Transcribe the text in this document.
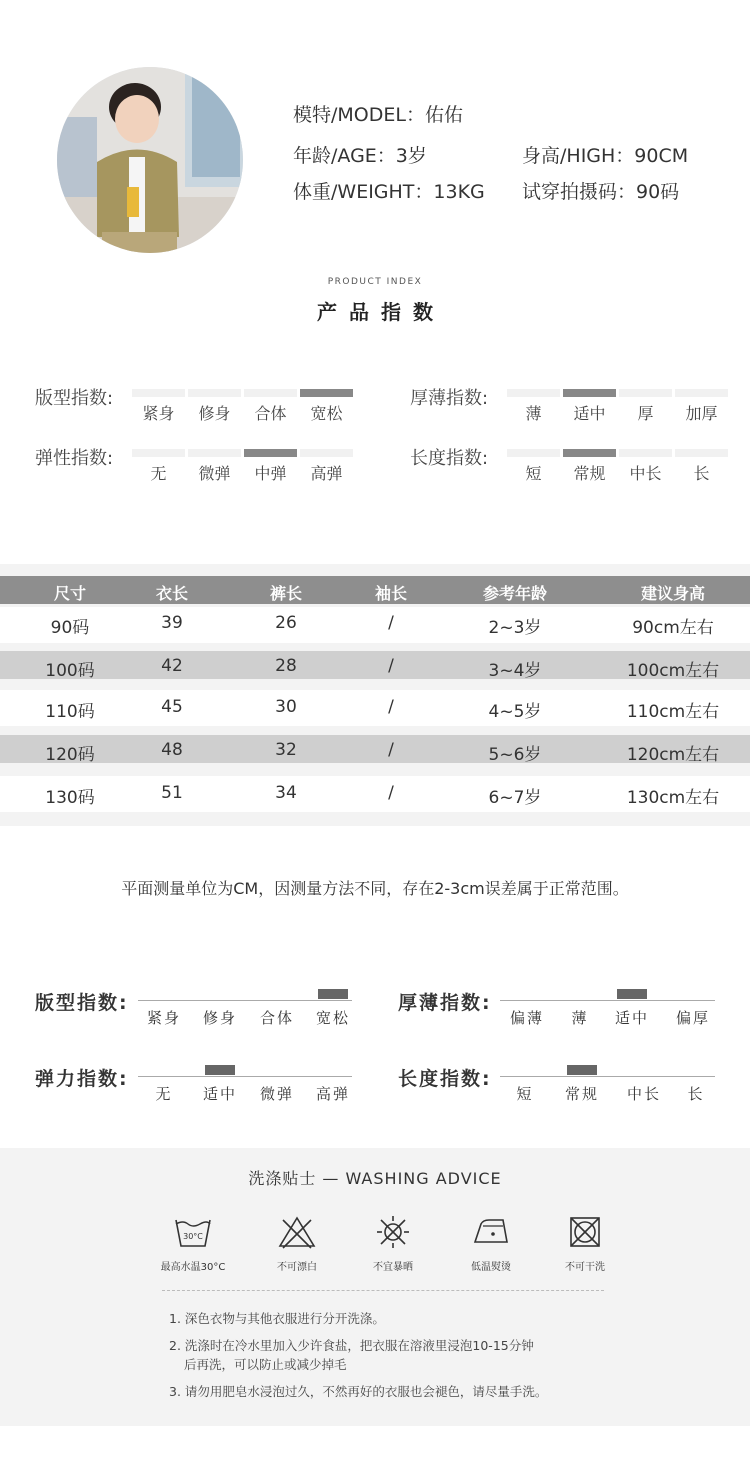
模特/MODEL：佑佑
年龄/AGE：3岁	身高/HIGH：90CM
体重/WEIGHT：13KG 试穿拍摄码：90码
PRODUCT INDEX
产品指数
版型指数:
紧身	修身	合体	宽松
厚薄指数:
薄	适中	厚	加厚
弹性指数:
无	微弹	中弹	高弹
长度指数:
短	常规	中长	长
尺寸	衣长	裤长	袖长	参考年龄	建议身高
90码	39	26	/	2~3岁	90cm左右
100码	42	28	/	3~4岁	100cm左右
110码	45	30	/	4~5岁	110cm左右
120码	48	32	/	5~6岁	120cm左右
130码	51	34	/	6~7岁	130cm左右
平面测量单位为CM，因测量方法不同，存在2-3cm误差属于正常范围。
版型指数:
紧身	修身	合体	宽松
厚薄指数:
偏薄	薄	适中	偏厚
弹力指数:
无	适中	微弹	高弹
长度指数:
短	常规	中长	长
洗涤贴士 — WASHING ADVICE
30°C
最高水温30°C	不可漂白	不宜暴晒	低温熨烫	不可干洗
1. 深色衣物与其他衣服进行分开洗涤。
2. 洗涤时在冷水里加入少许食盐，把衣服在溶液里浸泡10-15分钟
后再洗，可以防止或减少掉毛
3. 请勿用肥皂水浸泡过久，不然再好的衣服也会褪色，请尽量手洗。
